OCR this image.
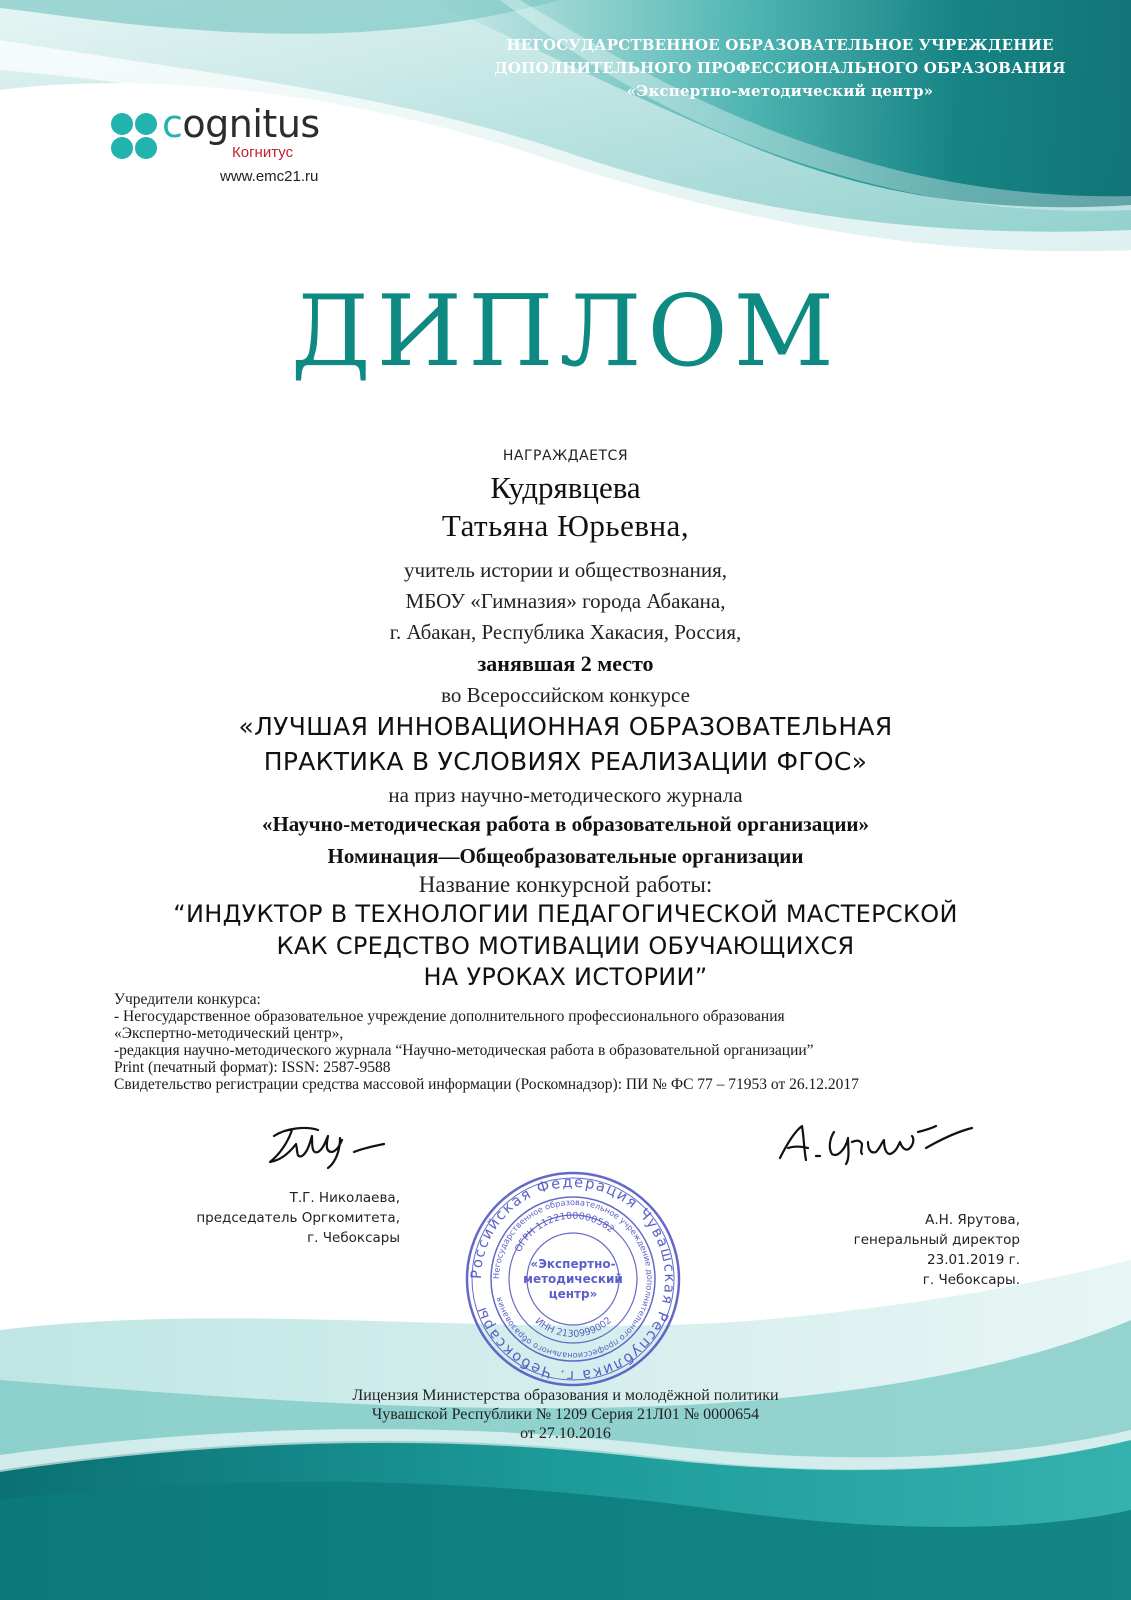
НЕГОСУДАРСТВЕННОЕ ОБРАЗОВАТЕЛЬНОЕ УЧРЕЖДЕНИЕ
ДОПОЛНИТЕЛЬНОГО ПРОФЕССИОНАЛЬНОГО ОБРАЗОВАНИЯ
«Экспертно-методический центр»
cognitus
Когнитус
www.emc21.ru
ДИПЛОМ
НАГРАЖДАЕТСЯ
Кудрявцева
Татьяна Юрьевна,
учитель истории и обществознания,
МБОУ «Гимназия» города Абакана,
г. Абакан, Республика Хакасия, Россия,
занявшая 2 место
во Всероссийском конкурсе
«ЛУЧШАЯ ИННОВАЦИОННАЯ ОБРАЗОВАТЕЛЬНАЯ
ПРАКТИКА В УСЛОВИЯХ РЕАЛИЗАЦИИ ФГОС»
на приз научно-методического журнала
«Научно-методическая работа в образовательной организации»
Номинация—Общеобразовательные организации
Название конкурсной работы:
“ИНДУКТОР В ТЕХНОЛОГИИ ПЕДАГОГИЧЕСКОЙ МАСТЕРСКОЙ
КАК СРЕДСТВО МОТИВАЦИИ ОБУЧАЮЩИХСЯ
НА УРОКАХ ИСТОРИИ”
Учредители конкурса:
- Негосударственное образовательное учреждение дополнительного профессионального образования
«Экспертно-методический центр»,
-редакция научно-методического журнала “Научно-методическая работа в образовательной организации”
Print (печатный формат): ISSN: 2587-9588
Свидетельство регистрации средства массовой информации (Роскомнадзор): ПИ № ФС 77 – 71953 от 26.12.2017
Т.Г. Николаева,
председатель Оргкомитета,
г. Чебоксары
А.Н. Ярутова,
генеральный директор
23.01.2019 г.
г. Чебоксары.
Российская Федерация Чувашская Республика г. Чебоксары
Негосударственное образовательное учреждение дополнительного профессионального образования
ОГРН 1122100000582
ИНН 2130999002
«Экспертно-
методический
центр»
Лицензия Министерства образования и молодёжной политики
Чувашской Республики № 1209 Серия 21Л01 № 0000654
от 27.10.2016
